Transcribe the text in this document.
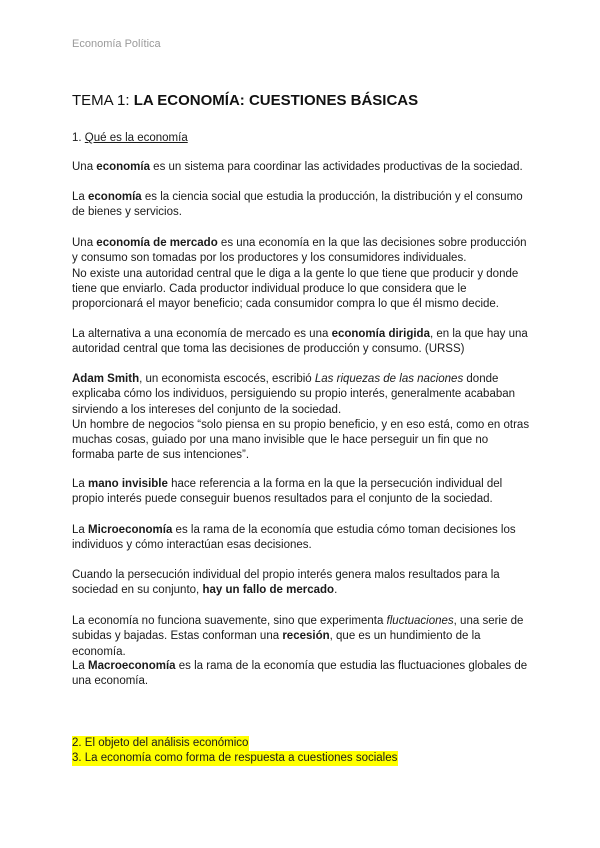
Economía Política
TEMA 1: LA ECONOMÍA: CUESTIONES BÁSICAS
1. Qué es la economía
Una economía es un sistema para coordinar las actividades productivas de la sociedad.
La economía es la ciencia social que estudia la producción, la distribución y el consumo de bienes y servicios.
Una economía de mercado es una economía en la que las decisiones sobre producción y consumo son tomadas por los productores y los consumidores individuales.
No existe una autoridad central que le diga a la gente lo que tiene que producir y donde tiene que enviarlo. Cada productor individual produce lo que considera que le proporcionará el mayor beneficio; cada consumidor compra lo que él mismo decide.
La alternativa a una economía de mercado es una economía dirigida, en la que hay una autoridad central que toma las decisiones de producción y consumo. (URSS)
Adam Smith, un economista escocés, escribió Las riquezas de las naciones donde explicaba cómo los individuos, persiguiendo su propio interés, generalmente acababan sirviendo a los intereses del conjunto de la sociedad.
Un hombre de negocios “solo piensa en su propio beneficio, y en eso está, como en otras muchas cosas, guiado por una mano invisible que le hace perseguir un fin que no formaba parte de sus intenciones”.
La mano invisible hace referencia a la forma en la que la persecución individual del propio interés puede conseguir buenos resultados para el conjunto de la sociedad.
La Microeconomía es la rama de la economía que estudia cómo toman decisiones los individuos y cómo interactúan esas decisiones.
Cuando la persecución individual del propio interés genera malos resultados para la sociedad en su conjunto, hay un fallo de mercado.
La economía no funciona suavemente, sino que experimenta fluctuaciones, una serie de subidas y bajadas. Estas conforman una recesión, que es un hundimiento de la economía.
La Macroeconomía es la rama de la economía que estudia las fluctuaciones globales de una economía.
2. El objeto del análisis económico
3. La economía como forma de respuesta a cuestiones sociales
